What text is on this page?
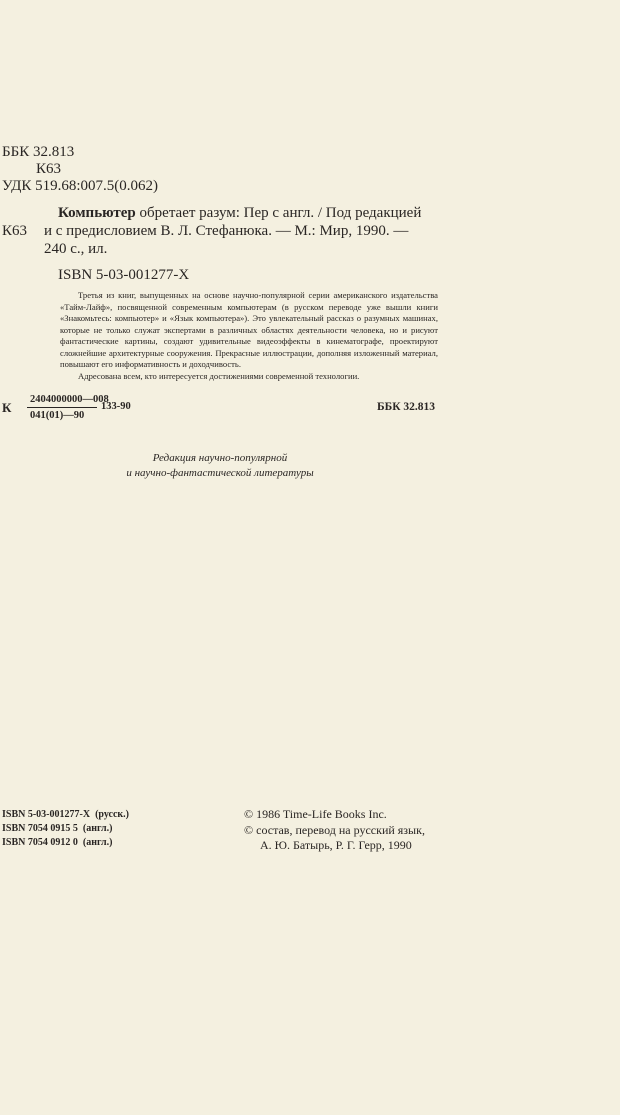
ББК 32.813
К63
УДК 519.68:007.5(0.062)
Компьютер обретает разум: Пер с англ. / Под редакцией
К63 и с предисловием В. Л. Стефанюка. — М.: Мир, 1990. —
240 с., ил.
ISBN 5-03-001277-X

Третья из книг, выпущенных на основе научно-популярной серии американского издательства «Тайм-Лайф», посвященной современным компьютерам (в русском переводе уже вышли книги «Знакомьтесь: компьютер» и «Язык компьютера»). Это увлекательный рассказ о разумных машинах, которые не только служат экспертами в различных областях деятельности человека, но и рисуют фантастические картины, создают удивительные видеоэффекты в кинематографе, проектируют сложнейшие архитектурные сооружения. Прекрасные иллюстрации, дополняя изложенный материал, повышают его информативность и доходчивость.

Адресована всем, кто интересуется достижениями современной технологии.

К
2404000000—008
041(01)—90
133-90	ББК 32.813
Редакция научно-популярной
и научно-фантастической литературы
ISBN 5-03-001277-X (русск.)
ISBN 7054 0915 5 (англ.)
ISBN 7054 0912 0 (англ.)
© 1986 Time-Life Books Inc.
© состав, перевод на русский язык,
А. Ю. Батырь, Р. Г. Герр, 1990
